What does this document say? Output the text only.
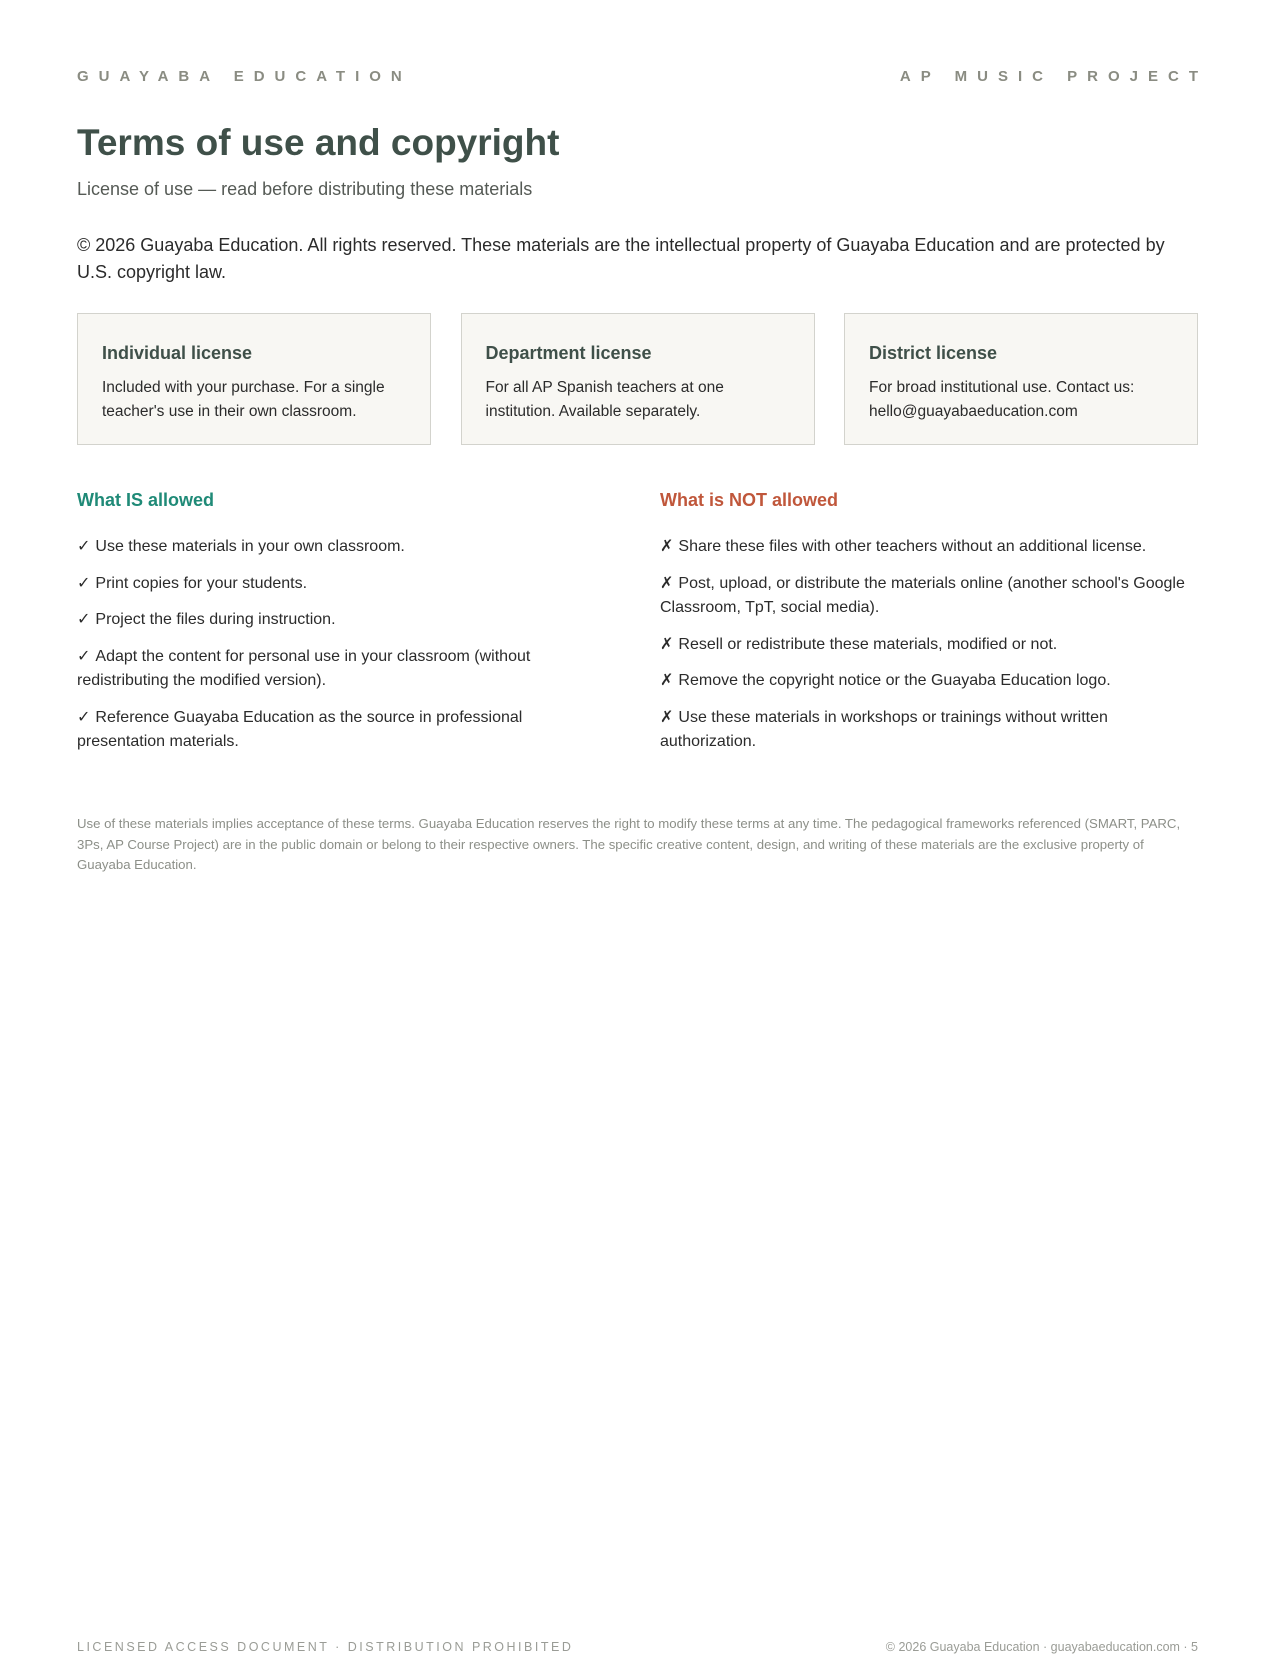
GUAYABA EDUCATION	AP MUSIC PROJECT
Terms of use and copyright
License of use — read before distributing these materials
© 2026 Guayaba Education. All rights reserved. These materials are the intellectual property of Guayaba Education and are protected by U.S. copyright law.
Individual license
Included with your purchase. For a single teacher's use in their own classroom.
Department license
For all AP Spanish teachers at one institution. Available separately.
District license
For broad institutional use. Contact us: hello@guayabaeducation.com
What IS allowed
✓ Use these materials in your own classroom.
✓ Print copies for your students.
✓ Project the files during instruction.
✓ Adapt the content for personal use in your classroom (without redistributing the modified version).
✓ Reference Guayaba Education as the source in professional presentation materials.
What is NOT allowed
✗ Share these files with other teachers without an additional license.
✗ Post, upload, or distribute the materials online (another school's Google Classroom, TpT, social media).
✗ Resell or redistribute these materials, modified or not.
✗ Remove the copyright notice or the Guayaba Education logo.
✗ Use these materials in workshops or trainings without written authorization.
Use of these materials implies acceptance of these terms. Guayaba Education reserves the right to modify these terms at any time. The pedagogical frameworks referenced (SMART, PARC, 3Ps, AP Course Project) are in the public domain or belong to their respective owners. The specific creative content, design, and writing of these materials are the exclusive property of Guayaba Education.
LICENSED ACCESS DOCUMENT · DISTRIBUTION PROHIBITED	© 2026 Guayaba Education · guayabaeducation.com · 5
